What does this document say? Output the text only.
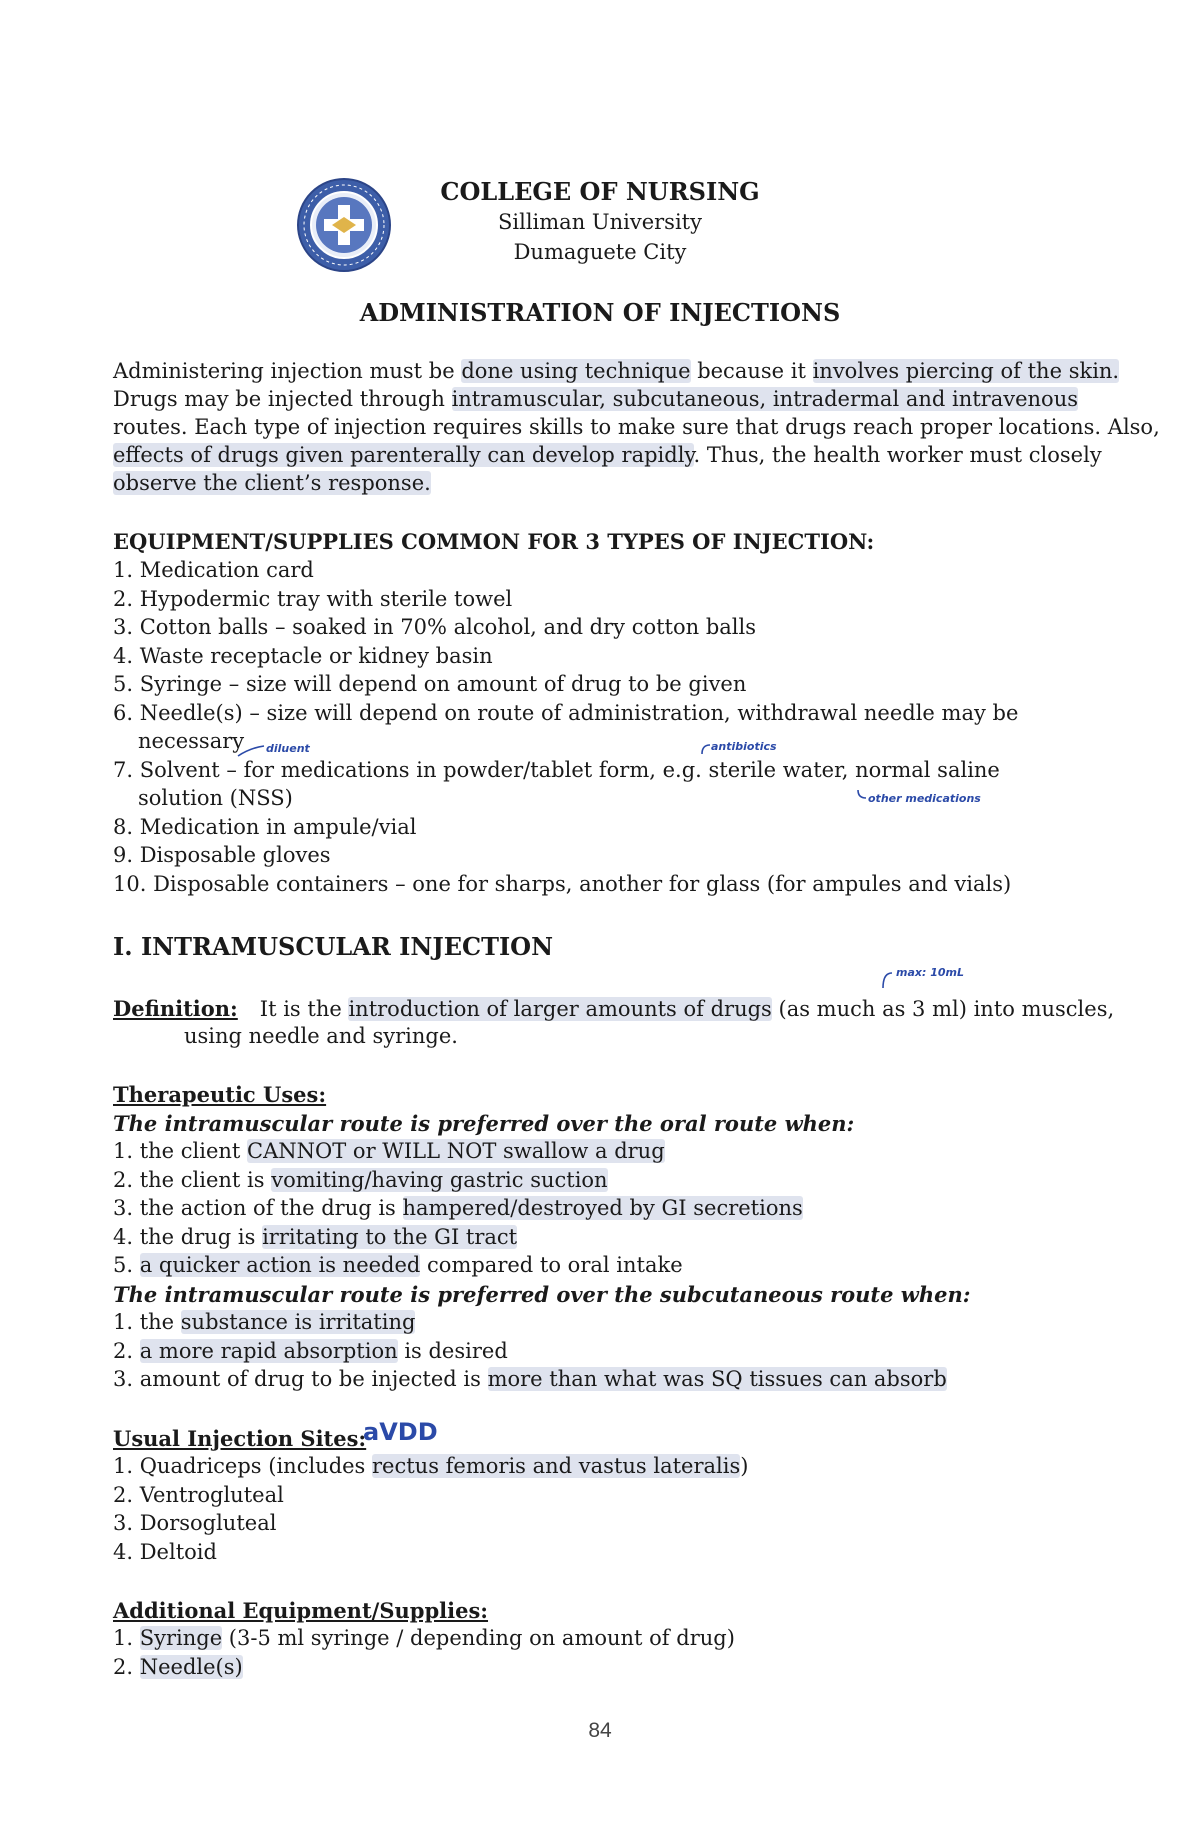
COLLEGE OF NURSING
Silliman University
Dumaguete City
ADMINISTRATION OF INJECTIONS
Administering injection must be done using technique because it involves piercing of the skin.
Drugs may be injected through intramuscular, subcutaneous, intradermal and intravenous
routes. Each type of injection requires skills to make sure that drugs reach proper locations. Also,
effects of drugs given parenterally can develop rapidly. Thus, the health worker must closely
observe the client’s response.
EQUIPMENT/SUPPLIES COMMON FOR 3 TYPES OF INJECTION:
1. Medication card
2. Hypodermic tray with sterile towel
3. Cotton balls – soaked in 70% alcohol, and dry cotton balls
4. Waste receptacle or kidney basin
5. Syringe – size will depend on amount of drug to be given
6. Needle(s) – size will depend on route of administration, withdrawal needle may be
necessary
7. Solvent – for medications in powder/tablet form, e.g. sterile water, normal saline
solution (NSS)
8. Medication in ampule/vial
9. Disposable gloves
10. Disposable containers – one for sharps, another for glass (for ampules and vials)
diluent	antibiotics
other medications
I. INTRAMUSCULAR INJECTION
max: 10mL
Definition: It is the introduction of larger amounts of drugs (as much as 3 ml) into muscles,
using needle and syringe.
Therapeutic Uses:
The intramuscular route is preferred over the oral route when:
1. the client CANNOT or WILL NOT swallow a drug
2. the client is vomiting/having gastric suction
3. the action of the drug is hampered/destroyed by GI secretions
4. the drug is irritating to the GI tract
5. a quicker action is needed compared to oral intake
The intramuscular route is preferred over the subcutaneous route when:
1. the substance is irritating
2. a more rapid absorption is desired
3. amount of drug to be injected is more than what was SQ tissues can absorb
Usual Injection Sites:
aVDD
1. Quadriceps (includes rectus femoris and vastus lateralis)
2. Ventrogluteal
3. Dorsogluteal
4. Deltoid
Additional Equipment/Supplies:
1. Syringe (3-5 ml syringe / depending on amount of drug)
2. Needle(s)
84
